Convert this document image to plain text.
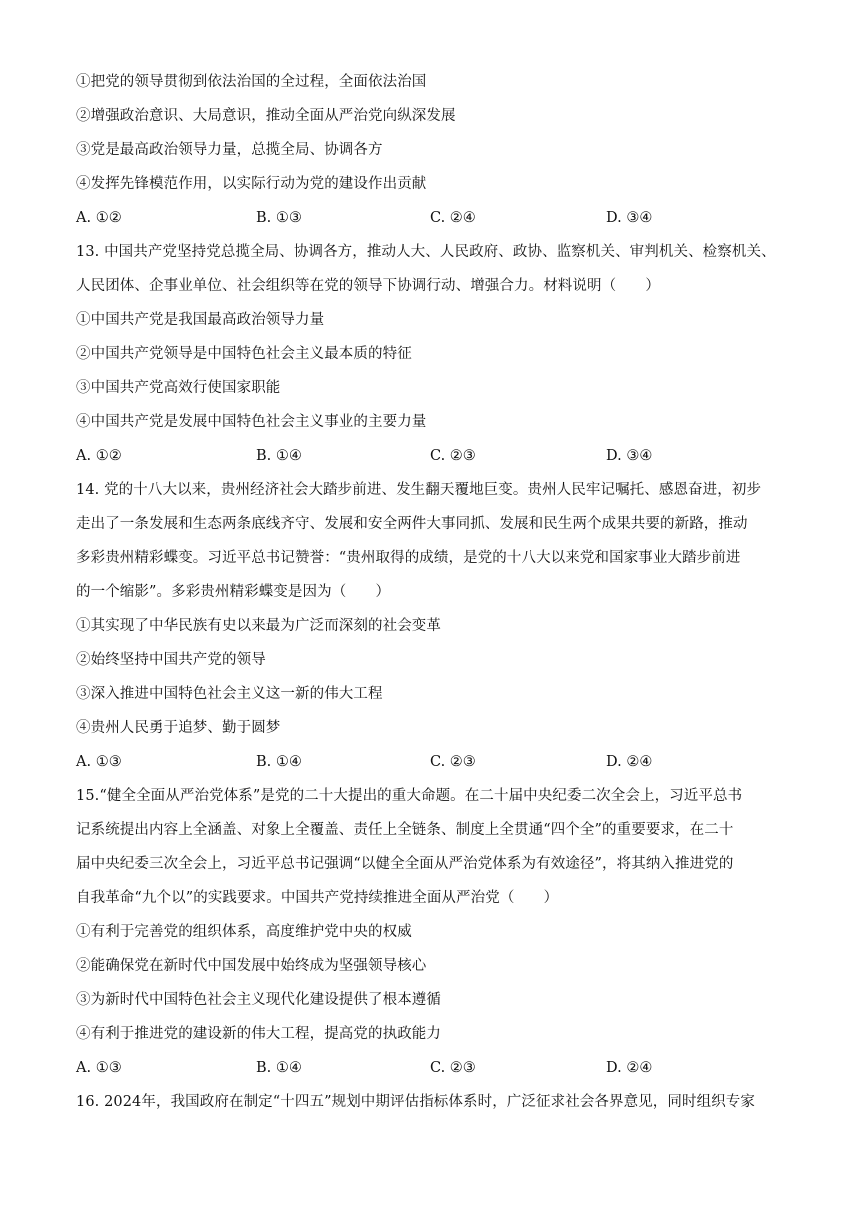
①把党的领导贯彻到依法治国的全过程，全面依法治国
②增强政治意识、大局意识，推动全面从严治党向纵深发展
③党是最高政治领导力量，总揽全局、协调各方
④发挥先锋模范作用，以实际行动为党的建设作出贡献
A. ①②	B. ①③	C. ②④	D. ③④
13. 中国共产党坚持党总揽全局、协调各方，推动人大、人民政府、政协、监察机关、审判机关、检察机关、
人民团体、企事业单位、社会组织等在党的领导下协调行动、增强合力。材料说明（　　）
①中国共产党是我国最高政治领导力量
②中国共产党领导是中国特色社会主义最本质的特征
③中国共产党高效行使国家职能
④中国共产党是发展中国特色社会主义事业的主要力量
A. ①②	B. ①④	C. ②③	D. ③④
14. 党的十八大以来，贵州经济社会大踏步前进、发生翻天覆地巨变。贵州人民牢记嘱托、感恩奋进，初步
走出了一条发展和生态两条底线齐守、发展和安全两件大事同抓、发展和民生两个成果共要的新路，推动
多彩贵州精彩蝶变。习近平总书记赞誉：“贵州取得的成绩，是党的十八大以来党和国家事业大踏步前进
的一个缩影”。多彩贵州精彩蝶变是因为（　　）
①其实现了中华民族有史以来最为广泛而深刻的社会变革
②始终坚持中国共产党的领导
③深入推进中国特色社会主义这一新的伟大工程
④贵州人民勇于追梦、勤于圆梦
A. ①③	B. ①④	C. ②③	D. ②④
15.“健全全面从严治党体系”是党的二十大提出的重大命题。在二十届中央纪委二次全会上，习近平总书
记系统提出内容上全涵盖、对象上全覆盖、责任上全链条、制度上全贯通“四个全”的重要要求，在二十
届中央纪委三次全会上，习近平总书记强调“以健全全面从严治党体系为有效途径”，将其纳入推进党的
自我革命“九个以”的实践要求。中国共产党持续推进全面从严治党（　　）
①有利于完善党的组织体系，高度维护党中央的权威
②能确保党在新时代中国发展中始终成为坚强领导核心
③为新时代中国特色社会主义现代化建设提供了根本遵循
④有利于推进党的建设新的伟大工程，提高党的执政能力
A. ①③	B. ①④	C. ②③	D. ②④
16. 2024年，我国政府在制定“十四五”规划中期评估指标体系时，广泛征求社会各界意见，同时组织专家
